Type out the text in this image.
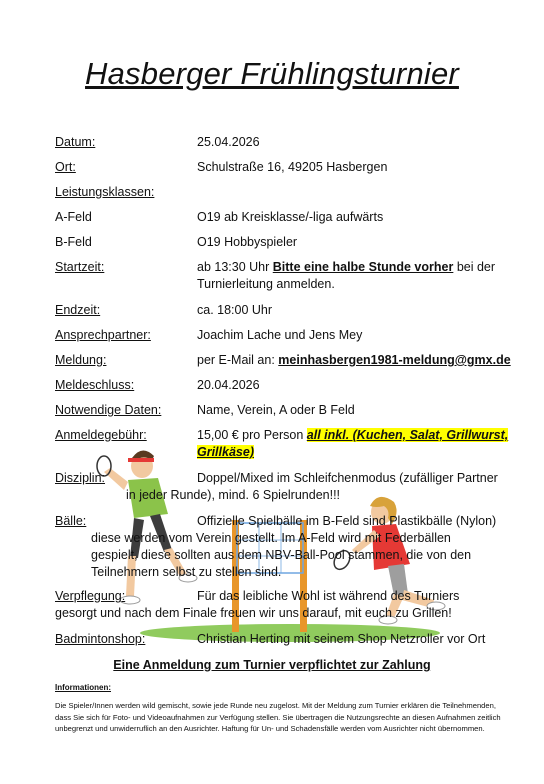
Hasberger Frühlingsturnier
Datum:	25.04.2026
Ort:	Schulstraße 16, 49205 Hasbergen
Leistungsklassen:
A-Feld	O19 ab Kreisklasse/-liga aufwärts
B-Feld	O19 Hobbyspieler
Startzeit:	ab 13:30 Uhr Bitte eine halbe Stunde vorher bei der
Turnierleitung anmelden.
Endzeit:	ca. 18:00 Uhr
Ansprechpartner:	Joachim Lache und Jens Mey
Meldung:	per E-Mail an: meinhasbergen1981-meldung@gmx.de
Meldeschluss:	20.04.2026
Notwendige Daten:	Name, Verein, A oder B Feld
Anmeldegebühr:	15,00 € pro Person all inkl. (Kuchen, Salat, Grillwurst,
Grillkäse)
Disziplin:	Doppel/Mixed im Schleifchenmodus (zufälliger Partner
in jeder Runde), mind. 6 Spielrunden!!!
Bälle:	Offizielle Spielbälle im B-Feld sind Plastikbälle (Nylon)
diese werden vom Verein gestellt. Im A-Feld wird mit Federbällen
gespielt, diese sollten aus dem NBV-Ball-Pool stammen, die von den
Teilnehmern selbst zu stellen sind.
Verpflegung:	Für das leibliche Wohl ist während des Turniers
gesorgt und nach dem Finale freuen wir uns darauf, mit euch zu Grillen!
Badmintonshop:	Christian Herting mit seinem Shop Netzroller vor Ort
Eine Anmeldung zum Turnier verpflichtet zur Zahlung
Informationen:
Die Spieler/Innen werden wild gemischt, sowie jede Runde neu zugelost. Mit der Meldung zum Turnier erklären die Teilnehmenden, dass Sie sich für Foto- und Videoaufnahmen zur Verfügung stellen. Sie übertragen die Nutzungsrechte an diesen Aufnahmen zeitlich unbegrenzt und unwiderruflich an den Ausrichter. Haftung für Un- und Schadensfälle werden vom Ausrichter nicht übernommen.
